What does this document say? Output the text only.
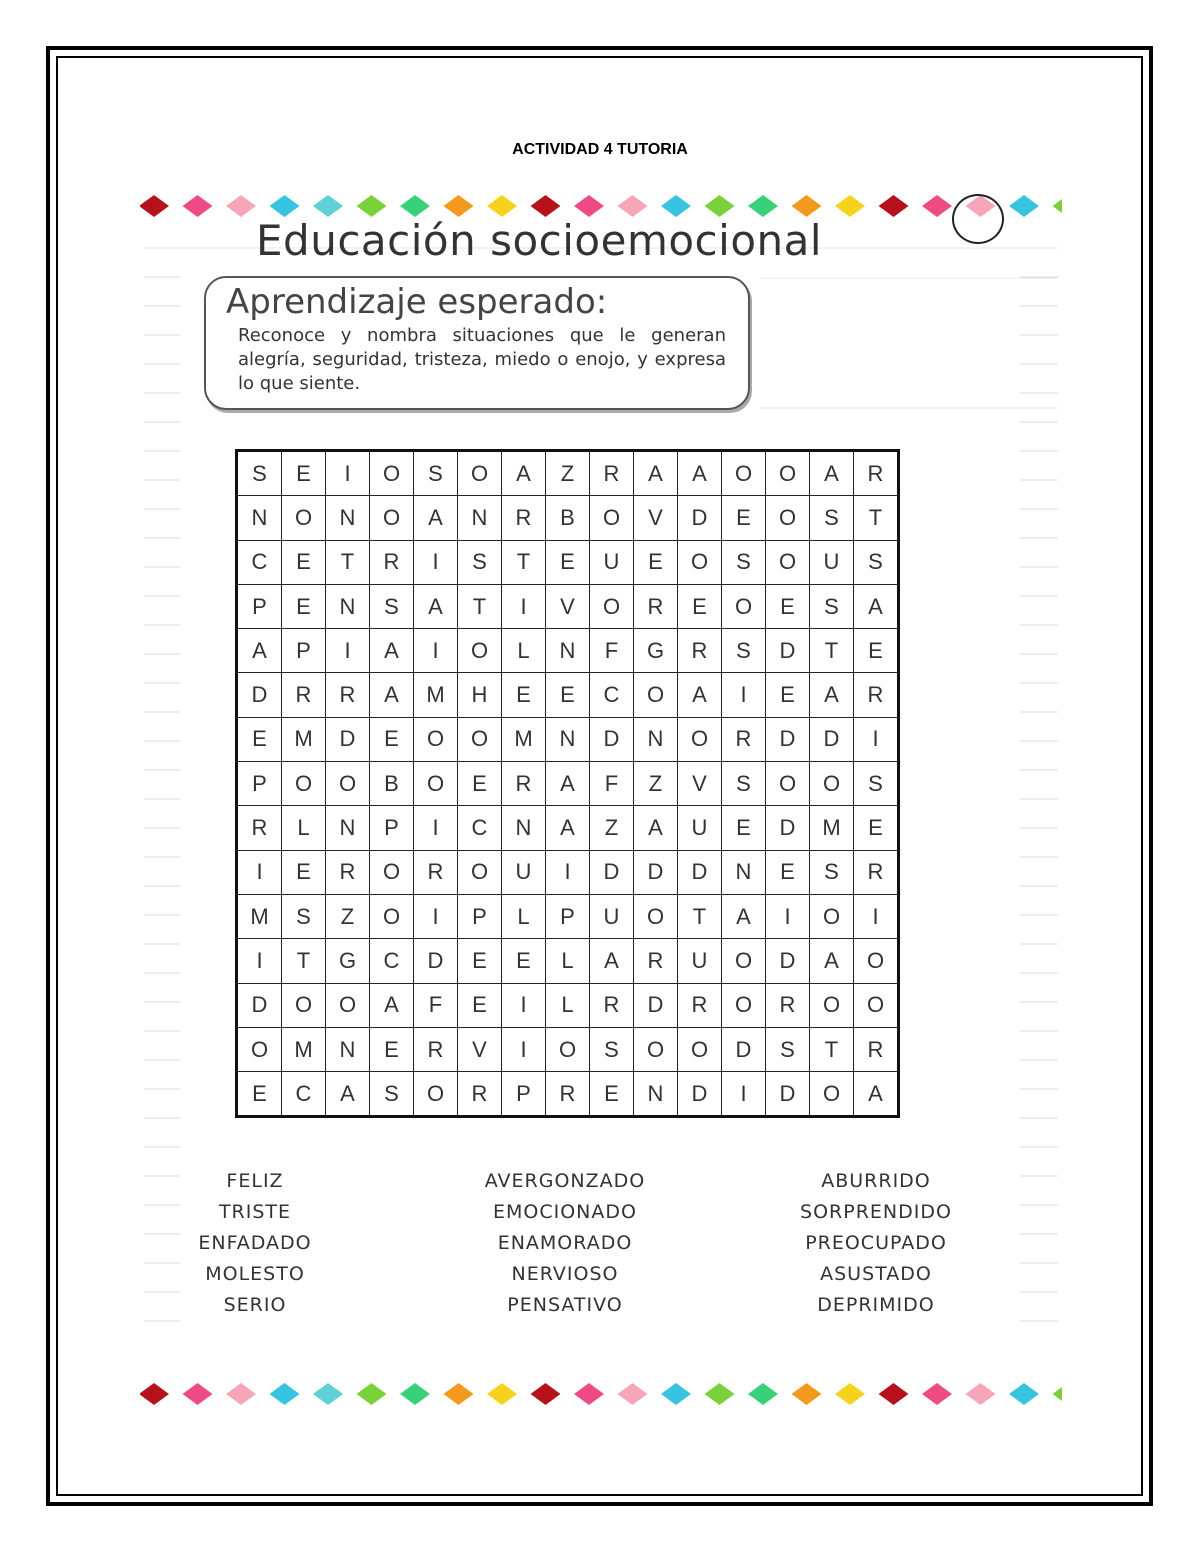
ACTIVIDAD 4 TUTORIA
Educación socioemocional
Aprendizaje esperado:
Reconoce y nombra situaciones que le generan alegría, seguridad, tristeza, miedo o enojo, y expresa lo que siente.
S	E	I	O	S	O	A	Z	R	A	A	O	O	A	R
N	O	N	O	A	N	R	B	O	V	D	E	O	S	T
C	E	T	R	I	S	T	E	U	E	O	S	O	U	S
P	E	N	S	A	T	I	V	O	R	E	O	E	S	A
A	P	I	A	I	O	L	N	F	G	R	S	D	T	E
D	R	R	A	M	H	E	E	C	O	A	I	E	A	R
E	M	D	E	O	O	M	N	D	N	O	R	D	D	I
P	O	O	B	O	E	R	A	F	Z	V	S	O	O	S
R	L	N	P	I	C	N	A	Z	A	U	E	D	M	E
I	E	R	O	R	O	U	I	D	D	D	N	E	S	R
M	S	Z	O	I	P	L	P	U	O	T	A	I	O	I
I	T	G	C	D	E	E	L	A	R	U	O	D	A	O
D	O	O	A	F	E	I	L	R	D	R	O	R	O	O
O	M	N	E	R	V	I	O	S	O	O	D	S	T	R
E	C	A	S	O	R	P	R	E	N	D	I	D	O	A
FELIZ
TRISTE
ENFADADO
MOLESTO
SERIO
AVERGONZADO
EMOCIONADO
ENAMORADO
NERVIOSO
PENSATIVO
ABURRIDO
SORPRENDIDO
PREOCUPADO
ASUSTADO
DEPRIMIDO
